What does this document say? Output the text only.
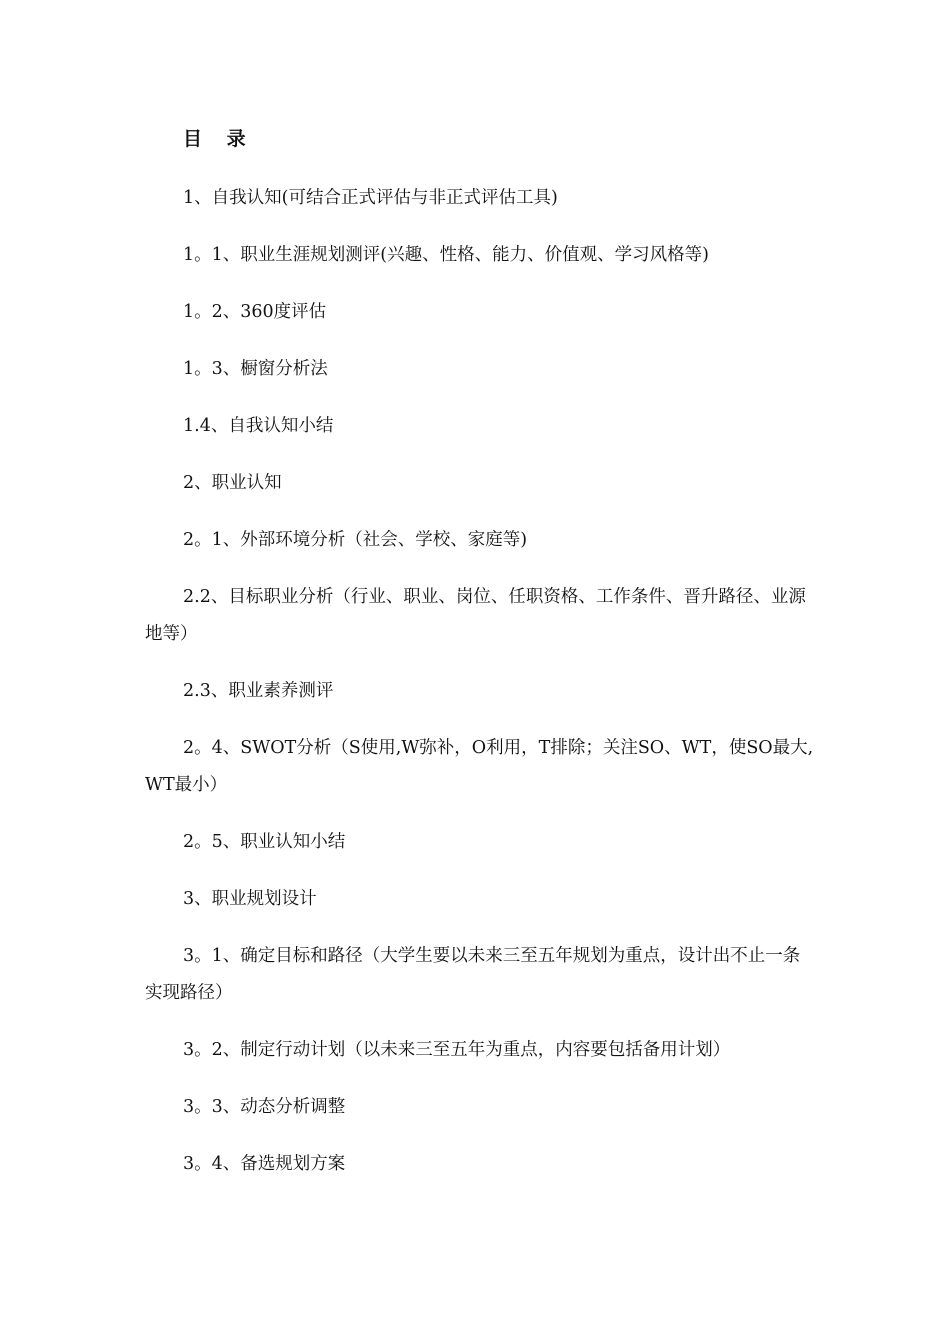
目 录
1、自我认知(可结合正式评估与非正式评估工具)
1。1、职业生涯规划测评(兴趣、性格、能力、价值观、学习风格等)
1。2、360度评估
1。3、橱窗分析法
1.4、自我认知小结
2、职业认知
2。1、外部环境分析（社会、学校、家庭等)
2.2、目标职业分析（行业、职业、岗位、任职资格、工作条件、晋升路径、业源地等）
2.3、职业素养测评
2。4、SWOT分析（S使用,W弥补，O利用，T排除；关注SO、WT，使SO最大,WT最小）
2。5、职业认知小结
3、职业规划设计
3。1、确定目标和路径（大学生要以未来三至五年规划为重点，设计出不止一条实现路径）
3。2、制定行动计划（以未来三至五年为重点，内容要包括备用计划）
3。3、动态分析调整
3。4、备选规划方案
